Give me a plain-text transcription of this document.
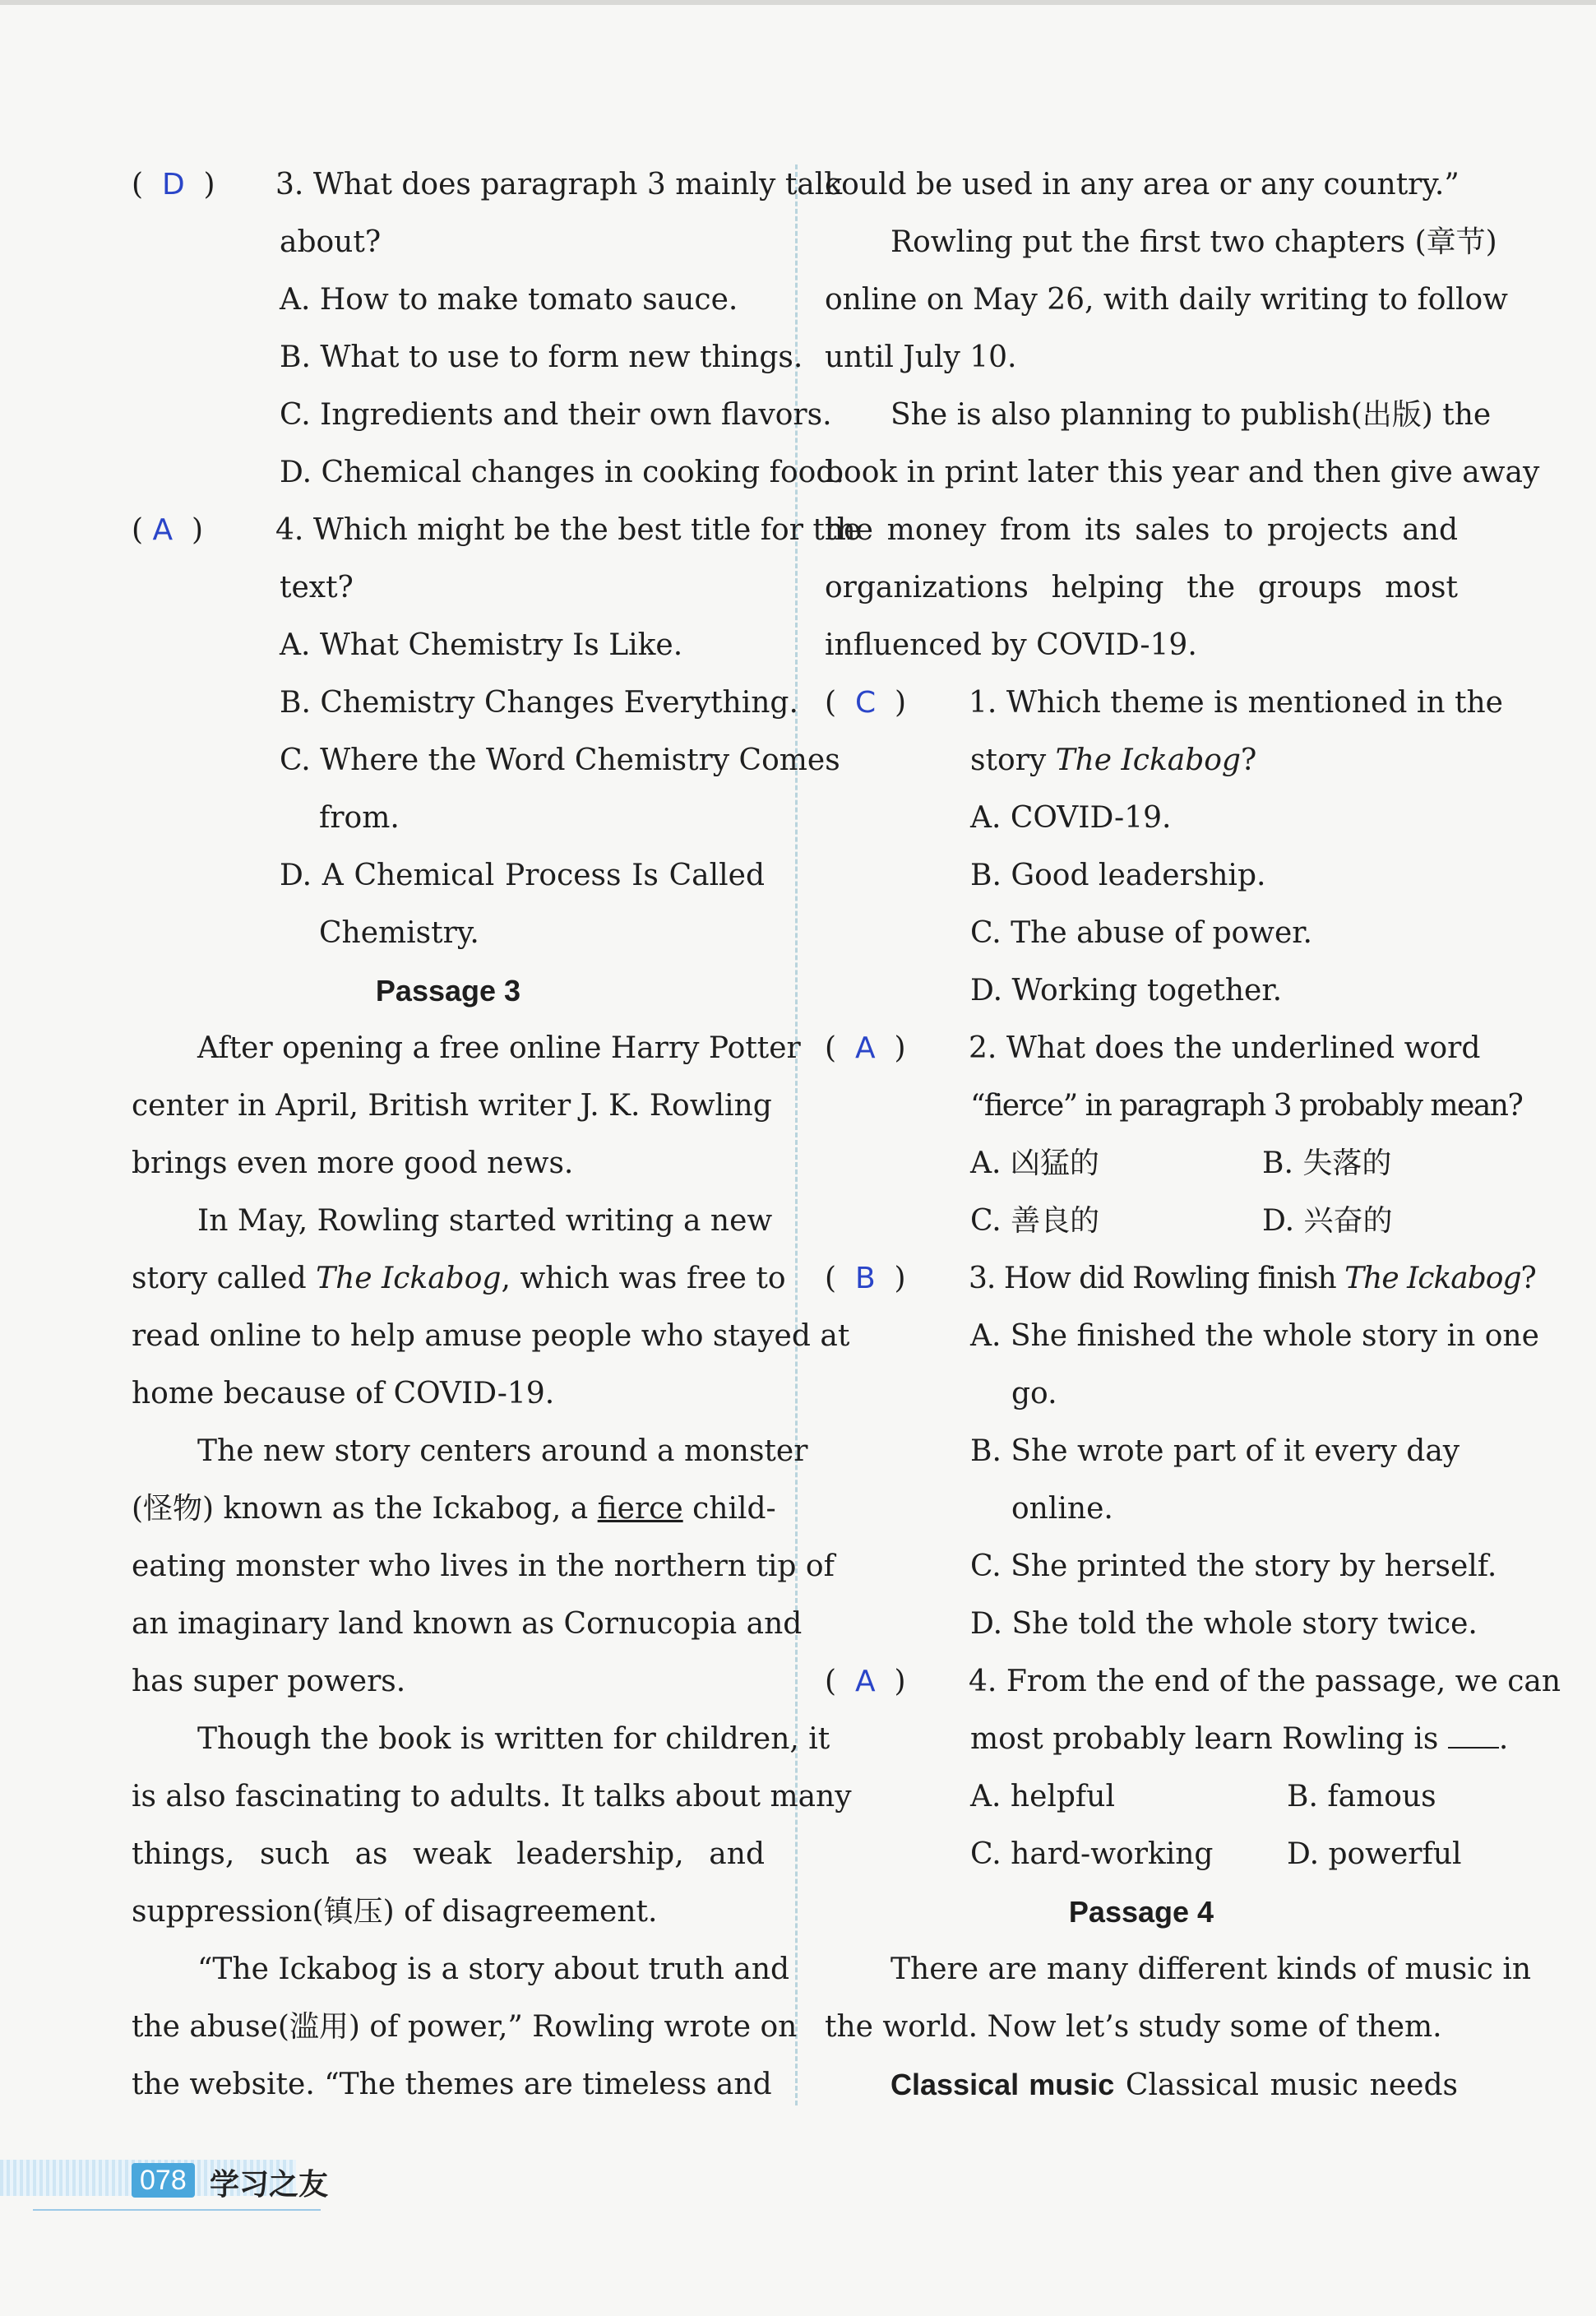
(  D  )	3. What does paragraph 3 mainly talk
about?
A. How to make tomato sauce.
B. What to use to form new things.
C. Ingredients and their own flavors.
D. Chemical changes in cooking food.
( A  )	4. Which might be the best title for the
text?
A. What Chemistry Is Like.
B. Chemistry Changes Everything.
C. Where the Word Chemistry Comes
from.
D. A Chemical Process Is Called
Chemistry.
Passage 3
After opening a free online Harry Potter
center in April, British writer J. K. Rowling
brings even more good news.
In May, Rowling started writing a new
story called The Ickabog, which was free to
read online to help amuse people who stayed at
home because of COVID-19.
The new story centers around a monster
(怪物) known as the Ickabog, a fierce child-
eating monster who lives in the northern tip of
an imaginary land known as Cornucopia and
has super powers.
Though the book is written for children, it
is also fascinating to adults. It talks about many
things, such as weak leadership, and
suppression(镇压) of disagreement.
“The Ickabog is a story about truth and
the abuse(滥用) of power,” Rowling wrote on
the website. “The themes are timeless and
could be used in any area or any country.”
Rowling put the first two chapters (章节)
online on May 26, with daily writing to follow
until July 10.
She is also planning to publish(出版) the
book in print later this year and then give away
the money from its sales to projects and
organizations helping the groups most
influenced by COVID-19.
(  C  )	1. Which theme is mentioned in the
story The Ickabog?
A. COVID-19.
B. Good leadership.
C. The abuse of power.
D. Working together.
(  A  )	2. What does the underlined word
“fierce” in paragraph 3 probably mean?
A. 凶猛的	B. 失落的
C. 善良的	D. 兴奋的
(  B  )	3. How did Rowling finish The Ickabog?
A. She finished the whole story in one
go.
B. She wrote part of it every day
online.
C. She printed the story by herself.
D. She told the whole story twice.
(  A  )	4. From the end of the passage, we can
most probably learn Rowling is .
A. helpful	B. famous
C. hard-working D. powerful
Passage 4
There are many different kinds of music in
the world. Now let’s study some of them.
Classical music Classical music needs
078 学习之友
